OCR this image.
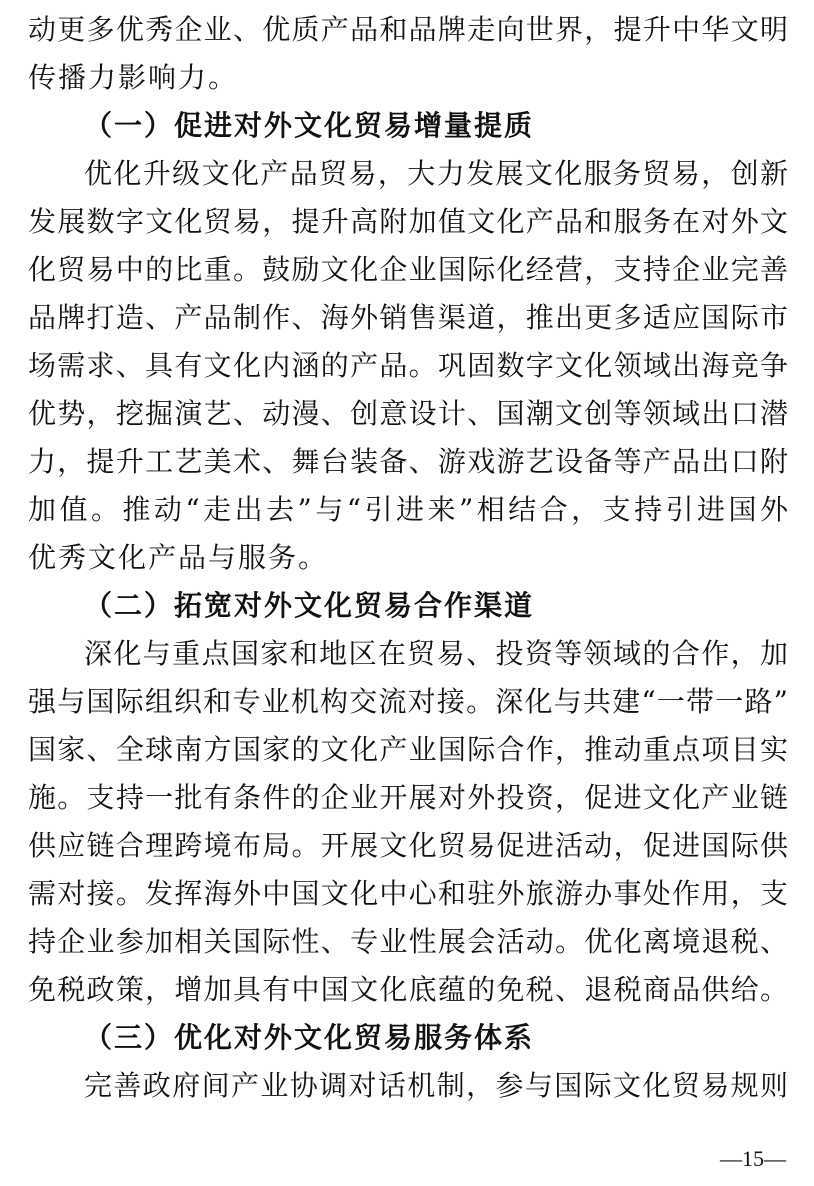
动更多优秀企业、优质产品和品牌走向世界，提升中华文明
传播力影响力。
（一）促进对外文化贸易增量提质
优化升级文化产品贸易，大力发展文化服务贸易，创新
发展数字文化贸易，提升高附加值文化产品和服务在对外文
化贸易中的比重。鼓励文化企业国际化经营，支持企业完善
品牌打造、产品制作、海外销售渠道，推出更多适应国际市
场需求、具有文化内涵的产品。巩固数字文化领域出海竞争
优势，挖掘演艺、动漫、创意设计、国潮文创等领域出口潜
力，提升工艺美术、舞台装备、游戏游艺设备等产品出口附
加值。推动“走出去”与“引进来”相结合，支持引进国外
优秀文化产品与服务。
（二）拓宽对外文化贸易合作渠道
深化与重点国家和地区在贸易、投资等领域的合作，加
强与国际组织和专业机构交流对接。深化与共建“一带一路”
国家、全球南方国家的文化产业国际合作，推动重点项目实
施。支持一批有条件的企业开展对外投资，促进文化产业链
供应链合理跨境布局。开展文化贸易促进活动，促进国际供
需对接。发挥海外中国文化中心和驻外旅游办事处作用，支
持企业参加相关国际性、专业性展会活动。优化离境退税、
免税政策，增加具有中国文化底蕴的免税、退税商品供给。
（三）优化对外文化贸易服务体系
完善政府间产业协调对话机制，参与国际文化贸易规则
—15—
